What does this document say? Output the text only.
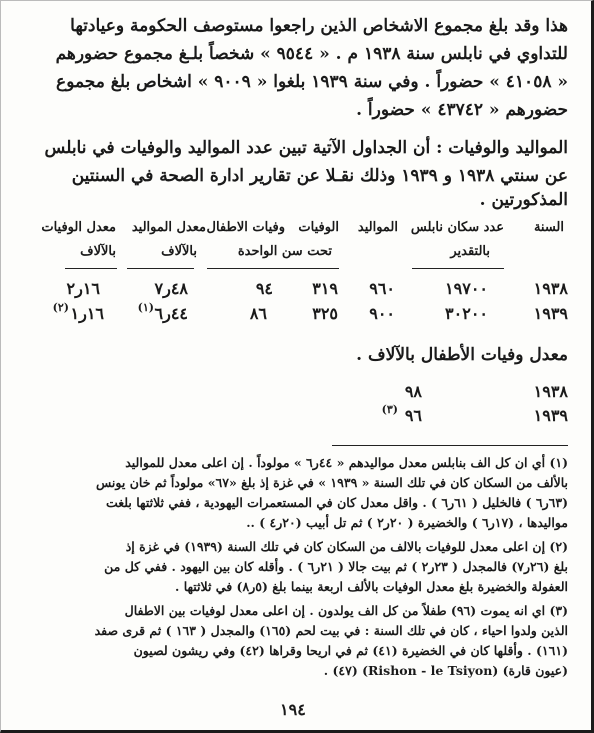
هذا وقد بلغ مجموع الاشخاص الذين راجعوا مستوصف الحكومة وعيادتها
للتداوي في نابلس سنة ١٩٣٨ م . « ٩٥٤٤ » شخصاً بلـغ مجموع حضورهم
« ٤١٠٥٨ » حضوراً . وفي سنة ١٩٣٩ بلغوا « ٩٠٠٩ » اشخاص بلغ مجموع
حضورهم « ٤٣٧٤٢ » حضوراً .
المواليد والوفيات : أن الجداول الآتية تبين عدد المواليد والوفيات في نابلس
عن سنتي ١٩٣٨ و ١٩٣٩ وذلك نقـلا عن تقارير ادارة الصحة في السنتين
المذكورتين .
السنة
عدد سكان نابلس
بالتقدير
المواليد
الوفيات
وفيات الاطفال
تحت سن الواحدة
معدل المواليد
بالآلاف
معدل الوفيات
بالآلاف
١٩٣٨
١٩٧٠٠
٩٦٠
٣١٩
٩٤
٤٨ر٧
١٦ر٢
١٩٣٩
٣٠٢٠٠
٩٠٠
٣٢٥
٨٦
٤٤ر٦
(١)
١٦ر١
(٢)
معدل وفيات الأطفال بالآلاف .
١٩٣٨
٩٨
١٩٣٩
٩٦
(٣)
(١) أي ان كل الف بنابلس معدل مواليدهم « ٤٤ر٦ » مولوداً . إن اعلى معدل للمواليد
بالألف من السكان كان في تلك السنة « ١٩٣٩ » في غزة إذ بلغ «٦٧» مولوداً ثم خان يونس
(٦٣ر٦ ) فالخليل ( ٦١ر٦ ) . واقل معدل كان في المستعمرات اليهودية ، ففي ثلاثتها بلغت
مواليدها ، (١٧ر٦ ) والخضيرة ( ٢٠ر٢ ) ثم تل أبيب (٢٠ر٤ ) ..
(٢) إن اعلى معدل للوفيات بالالف من السكان كان في تلك السنة (١٩٣٩) في غزة إذ
بلغ (٢٦ر٧) فالمجدل ( ٢٣ر٢ ) ثم بيت جالا ( ٢١ر٦ ) . وأقله كان بين اليهود . ففي كل من
العفولة والخضيرة بلغ معدل الوفيات بالألف اربعة بينما بلغ (٥ر٨) في ثلاثتها .
(٣) اي انه يموت (٩٦) طفلاً من كل الف يولدون . إن اعلى معدل لوفيات بين الاطفال
الذين ولدوا احياء ، كان في تلك السنة : في بيت لحم (١٦٥) والمجدل ( ١٦٣ ) ثم قرى صفد
(١٦١) . وأقلها كان في الخضيرة (٤١) ثم في اريحا وقراها (٤٢) وفي ريشون لصيون
(عيون قارة) (Rishon - le Tsiyon) (٤٧) .
١٩٤
